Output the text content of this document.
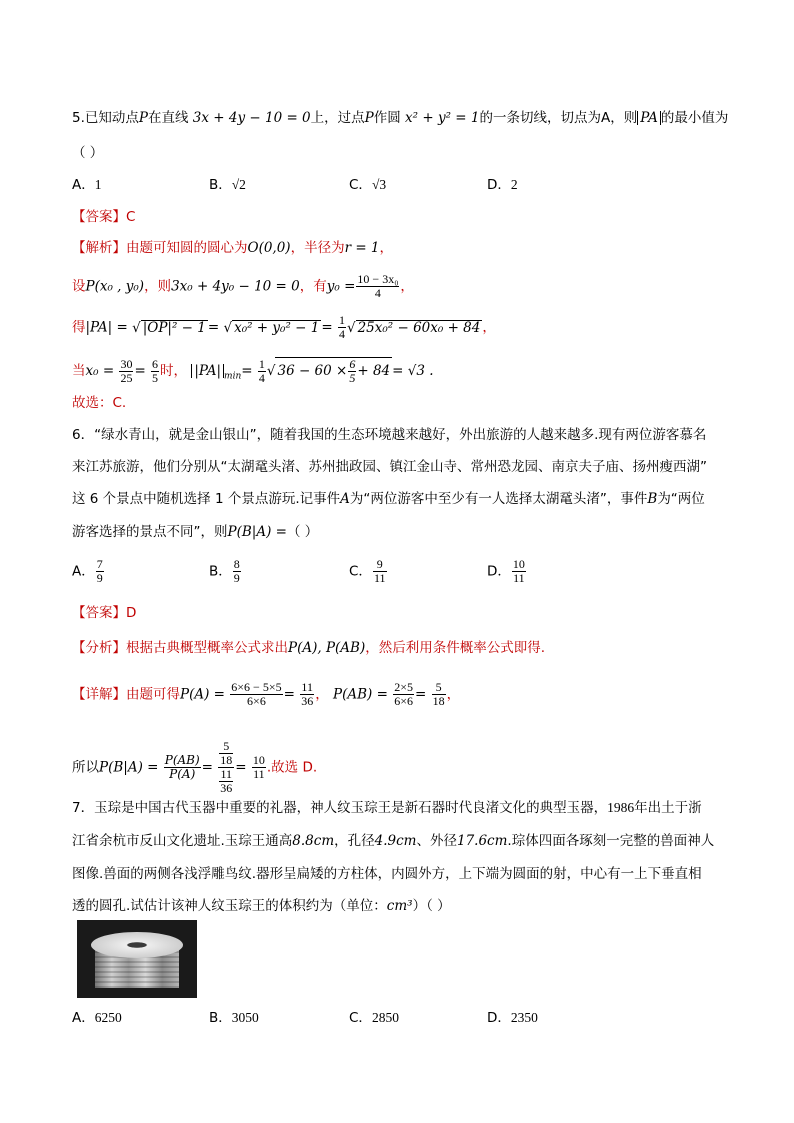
5.已知动点P在直线 3x + 4y − 10 = 0上，过点P作圆 x² + y² = 1的一条切线，切点为A，则 PA 的最小值为
（ ）
A．1	B．√2	C．√3	D．2
【答案】C
【解析】由题可知圆的圆心为O(0,0)，半径为r = 1，
设P(x₀ , y₀)，则3x₀ + 4y₀ − 10 = 0，有$y_0 = \frac{\text{10 − 3x₀}}{4}$ ，
得|PA| = √ |OP|² − 1 = √ $x_0^2 + y_0^2 - 1 = \frac{1}{4}$ √ 25x₀² − 60x₀ + 84 ，
当$x_0 = \frac{30}{25} = \frac{6}{5}$ 时， |PA| $_{min}= \frac{1}{4}$ √ $36 - 60 \times \frac{6}{5} + 84 = √3$ .
故选：C.
6．“绿水青山，就是金山银山”，随着我国的生态环境越来越好，外出旅游的人越来越多.现有两位游客慕名
来江苏旅游，他们分别从“太湖鼋头渚、苏州拙政园、镇江金山寺、常州恐龙园、南京夫子庙、扬州瘦西湖”
这 6 个景点中随机选择 1 个景点游玩.记事件A为“两位游客中至少有一人选择太湖鼋头渚”，事件B为“两位
游客选择的景点不同”，则P(B|A) =（ ）
A． $\frac{7}{9}$	B． $\frac{8}{9}$	C． $\frac{9}{11}$	D． $\frac{10}{11}$
【答案】D
【分析】根据古典概型概率公式求出P(A), P(AB)，然后利用条件概率公式即得.
【详解】由题可得$P(A) = \frac{6\times 6 - 5\times 5}{6\times 6} = \frac{11}{36}$ ， $P(AB) = \frac{2\times 5}{6\times 6} = \frac{5}{18}$ ，
所以$P(B|A) = \frac{P(AB)}{P(A)} = \frac{\frac{5}{18}}{\frac{11}{36}} = \frac{10}{11}$ .故选 D.
7．玉琮是中国古代玉器中重要的礼器，神人纹玉琮王是新石器时代良渚文化的典型玉器，1986年出土于浙
江省余杭市反山文化遗址.玉琮王通高8.8cm，孔径4.9cm、外径17.6cm.琮体四面各琢刻一完整的兽面神人
图像.兽面的两侧各浅浮雕鸟纹.器形呈扁矮的方柱体，内圆外方，上下端为圆面的射，中心有一上下垂直相
透的圆孔.试估计该神人纹玉琮王的体积约为（单位：cm³）（ ）
A．6250	B．3050	C．2850	D．2350
